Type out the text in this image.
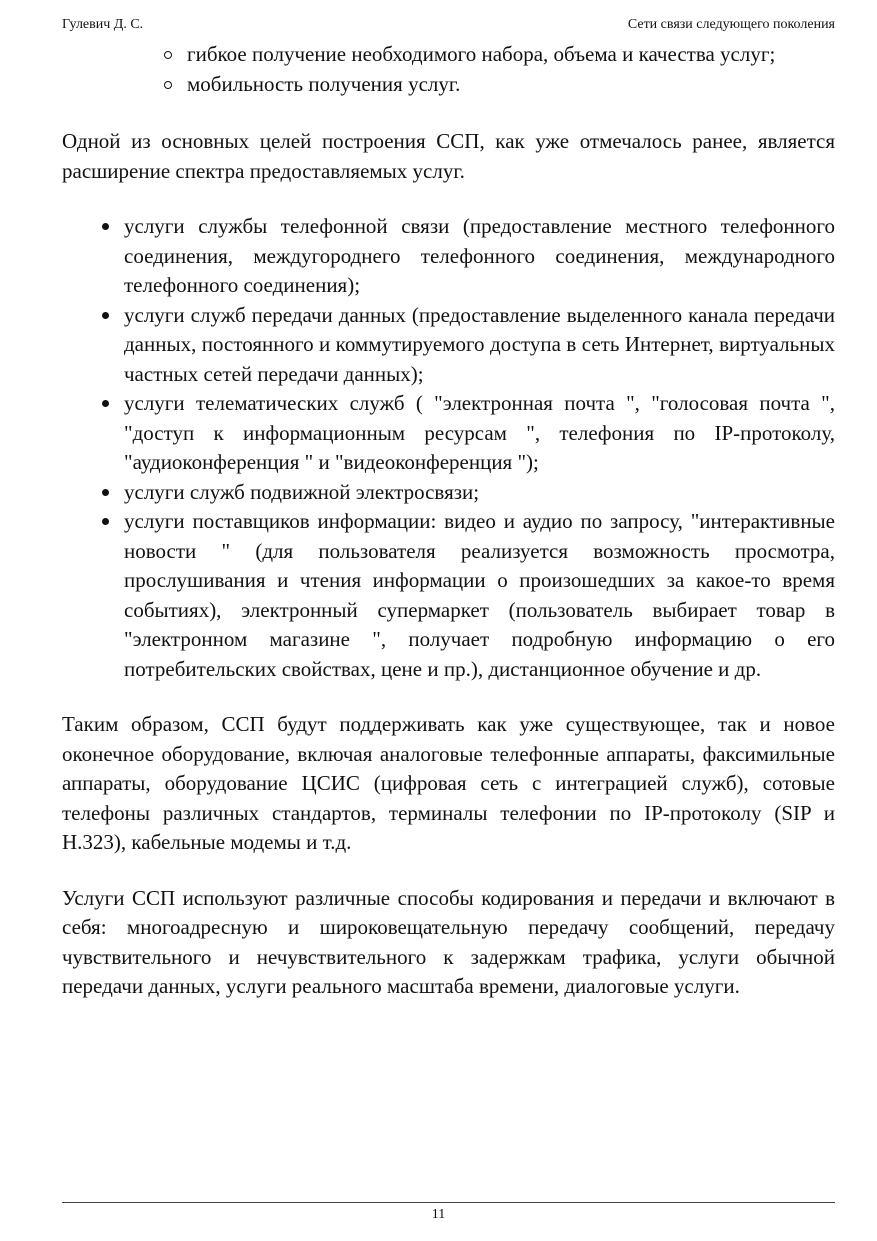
Гулевич Д. С.	Сети связи следующего поколения
гибкое получение необходимого набора, объема и качества услуг;
мобильность получения услуг.

Одной из основных целей построения ССП, как уже отмечалось ранее, является расширение спектра предоставляемых услуг.

услуги службы телефонной связи (предоставление местного телефонного соединения, междугороднего телефонного соединения, международного телефонного соединения);
услуги служб передачи данных (предоставление выделенного канала передачи данных, постоянного и коммутируемого доступа в сеть Интернет, виртуальных частных сетей передачи данных);
услуги телематических служб ( "электронная почта ", "голосовая почта ", "доступ к информационным ресурсам ", телефония по IP-протоколу, "аудиоконференция " и "видеоконференция ");
услуги служб подвижной электросвязи;
услуги поставщиков информации: видео и аудио по запросу, "интерактивные новости " (для пользователя реализуется возможность просмотра, прослушивания и чтения информации о произошедших за какое-то время событиях), электронный супермаркет (пользователь выбирает товар в "электронном магазине ", получает подробную информацию о его потребительских свойствах, цене и пр.), дистанционное обучение и др.

Таким образом, ССП будут поддерживать как уже существующее, так и новое оконечное оборудование, включая аналоговые телефонные аппараты, факсимильные аппараты, оборудование ЦСИС (цифровая сеть с интеграцией служб), сотовые телефоны различных стандартов, терминалы телефонии по IP-протоколу (SIP и H.323), кабельные модемы и т.д.

Услуги ССП используют различные способы кодирования и передачи и включают в себя: многоадресную и широковещательную передачу сообщений, передачу чувствительного и нечувствительного к задержкам трафика, услуги обычной передачи данных, услуги реального масштаба времени, диалоговые услуги.

11
